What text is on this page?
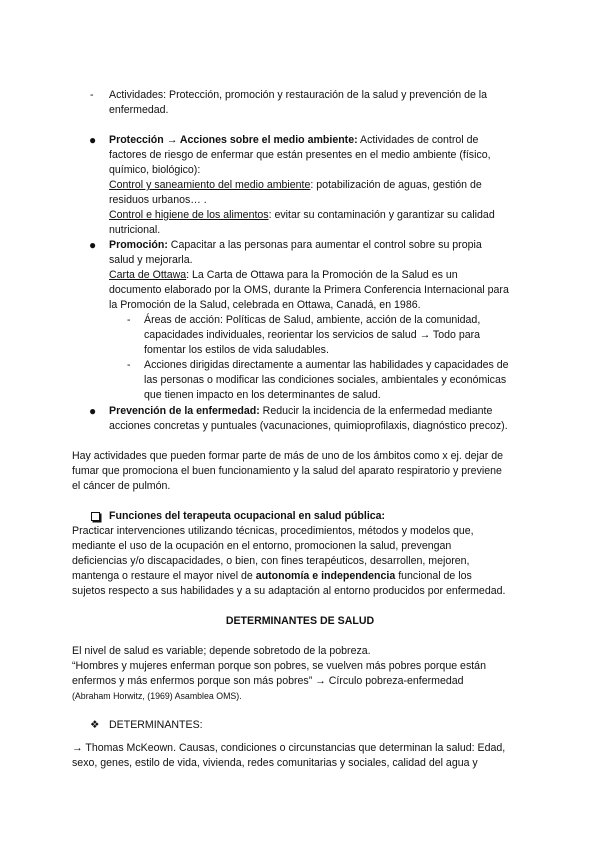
- Actividades: Protección, promoción y restauración de la salud y prevención de la

enfermedad.

● Protección → Acciones sobre el medio ambiente: Actividades de control de

factores de riesgo de enfermar que están presentes en el medio ambiente (físico,

químico, biológico):

Control y saneamiento del medio ambiente: potabilización de aguas, gestión de

residuos urbanos… .

Control e higiene de los alimentos: evitar su contaminación y garantizar su calidad

nutricional.

● Promoción: Capacitar a las personas para aumentar el control sobre su propia

salud y mejorarla.

Carta de Ottawa: La Carta de Ottawa para la Promoción de la Salud es un

documento elaborado por la OMS, durante la Primera Conferencia Internacional para

la Promoción de la Salud, celebrada en Ottawa, Canadá, en 1986.

- Áreas de acción: Políticas de Salud, ambiente, acción de la comunidad,

capacidades individuales, reorientar los servicios de salud → Todo para

fomentar los estilos de vida saludables.

- Acciones dirigidas directamente a aumentar las habilidades y capacidades de

las personas o modificar las condiciones sociales, ambientales y económicas

que tienen impacto en los determinantes de salud.

● Prevención de la enfermedad: Reducir la incidencia de la enfermedad mediante

acciones concretas y puntuales (vacunaciones, quimioprofilaxis, diagnóstico precoz).

Hay actividades que pueden formar parte de más de uno de los ámbitos como x ej. dejar de

fumar que promociona el buen funcionamiento y la salud del aparato respiratorio y previene

el cáncer de pulmón.

Funciones del terapeuta ocupacional en salud pública:

Practicar intervenciones utilizando técnicas, procedimientos, métodos y modelos que,

mediante el uso de la ocupación en el entorno, promocionen la salud, prevengan

deficiencias y/o discapacidades, o bien, con fines terapéuticos, desarrollen, mejoren,

mantenga o restaure el mayor nivel de autonomía e independencia funcional de los

sujetos respecto a sus habilidades y a su adaptación al entorno producidos por enfermedad.

DETERMINANTES DE SALUD

El nivel de salud es variable; depende sobretodo de la pobreza.

“Hombres y mujeres enferman porque son pobres, se vuelven más pobres porque están

enfermos y más enfermos porque son más pobres” → Círculo pobreza-enfermedad

(Abraham Horwitz, (1969) Asamblea OMS).

❖ DETERMINANTES:

→ Thomas McKeown. Causas, condiciones o circunstancias que determinan la salud: Edad,

sexo, genes, estilo de vida, vivienda, redes comunitarias y sociales, calidad del agua y
